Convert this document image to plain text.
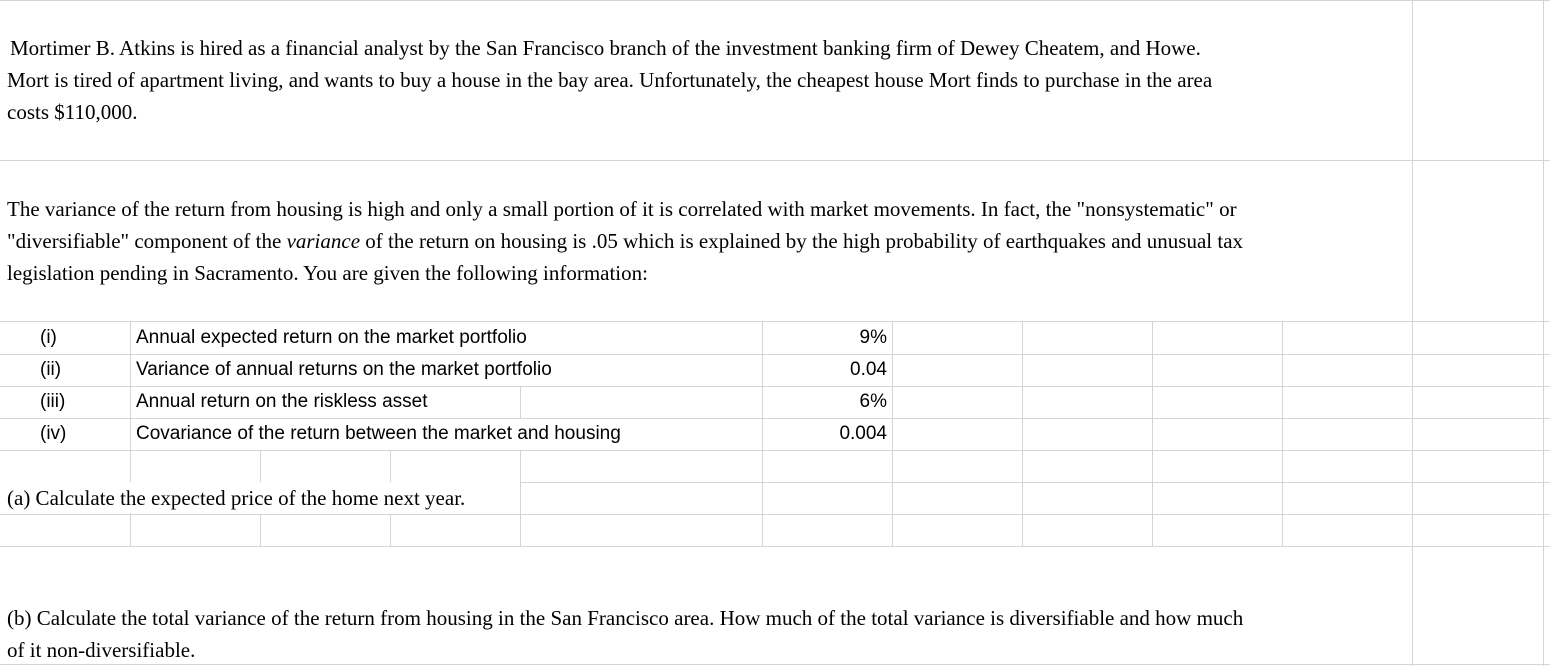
Mortimer B. Atkins is hired as a financial analyst by the San Francisco branch of the investment banking firm of Dewey Cheatem, and Howe.
Mort is tired of apartment living, and wants to buy a house in the bay area. Unfortunately, the cheapest house Mort finds to purchase in the area
costs $110,000.
The variance of the return from housing is high and only a small portion of it is correlated with market movements. In fact, the "nonsystematic" or
"diversifiable" component of the variance of the return on housing is .05 which is explained by the high probability of earthquakes and unusual tax
legislation pending in Sacramento. You are given the following information:
(i)	Annual expected return on the market portfolio	9%
(ii)	Variance of annual returns on the market portfolio	0.04
(iii)	Annual return on the riskless asset	6%
(iv)	Covariance of the return between the market and housing	0.004
(a) Calculate the expected price of the home next year.
(b) Calculate the total variance of the return from housing in the San Francisco area. How much of the total variance is diversifiable and how much
of it non-diversifiable.
